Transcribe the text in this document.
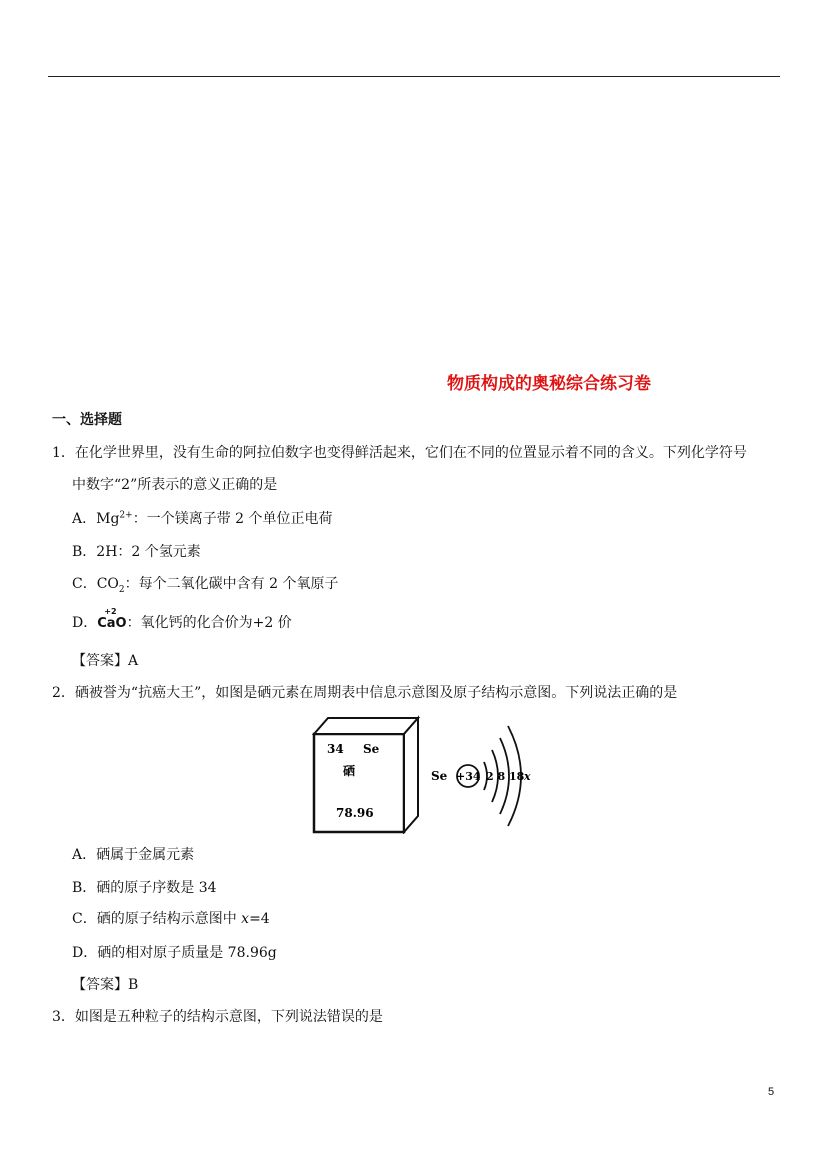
物质构成的奥秘综合练习卷
一、选择题
1．在化学世界里，没有生命的阿拉伯数字也变得鲜活起来，它们在不同的位置显示着不同的含义。下列化学符号
中数字“2”所表示的意义正确的是
A．$Mg^{2+}$：一个镁离子带 2 个单位正电荷
B．2H：2 个氢元素
C．$CO_2$：每个二氧化碳中含有 2 个氧原子
D．
+2
CaO：氧化钙的化合价为+2 价
【答案】A
2．硒被誉为“抗癌大王”，如图是硒元素在周期表中信息示意图及原子结构示意图。下列说法正确的是
34 Se
硒
78.96
Se +34 2 8 18 x
A．硒属于金属元素
B．硒的原子序数是 34
C．硒的原子结构示意图中 x=4
D．硒的相对原子质量是 78.96g
【答案】B
3．如图是五种粒子的结构示意图，下列说法错误的是
5
